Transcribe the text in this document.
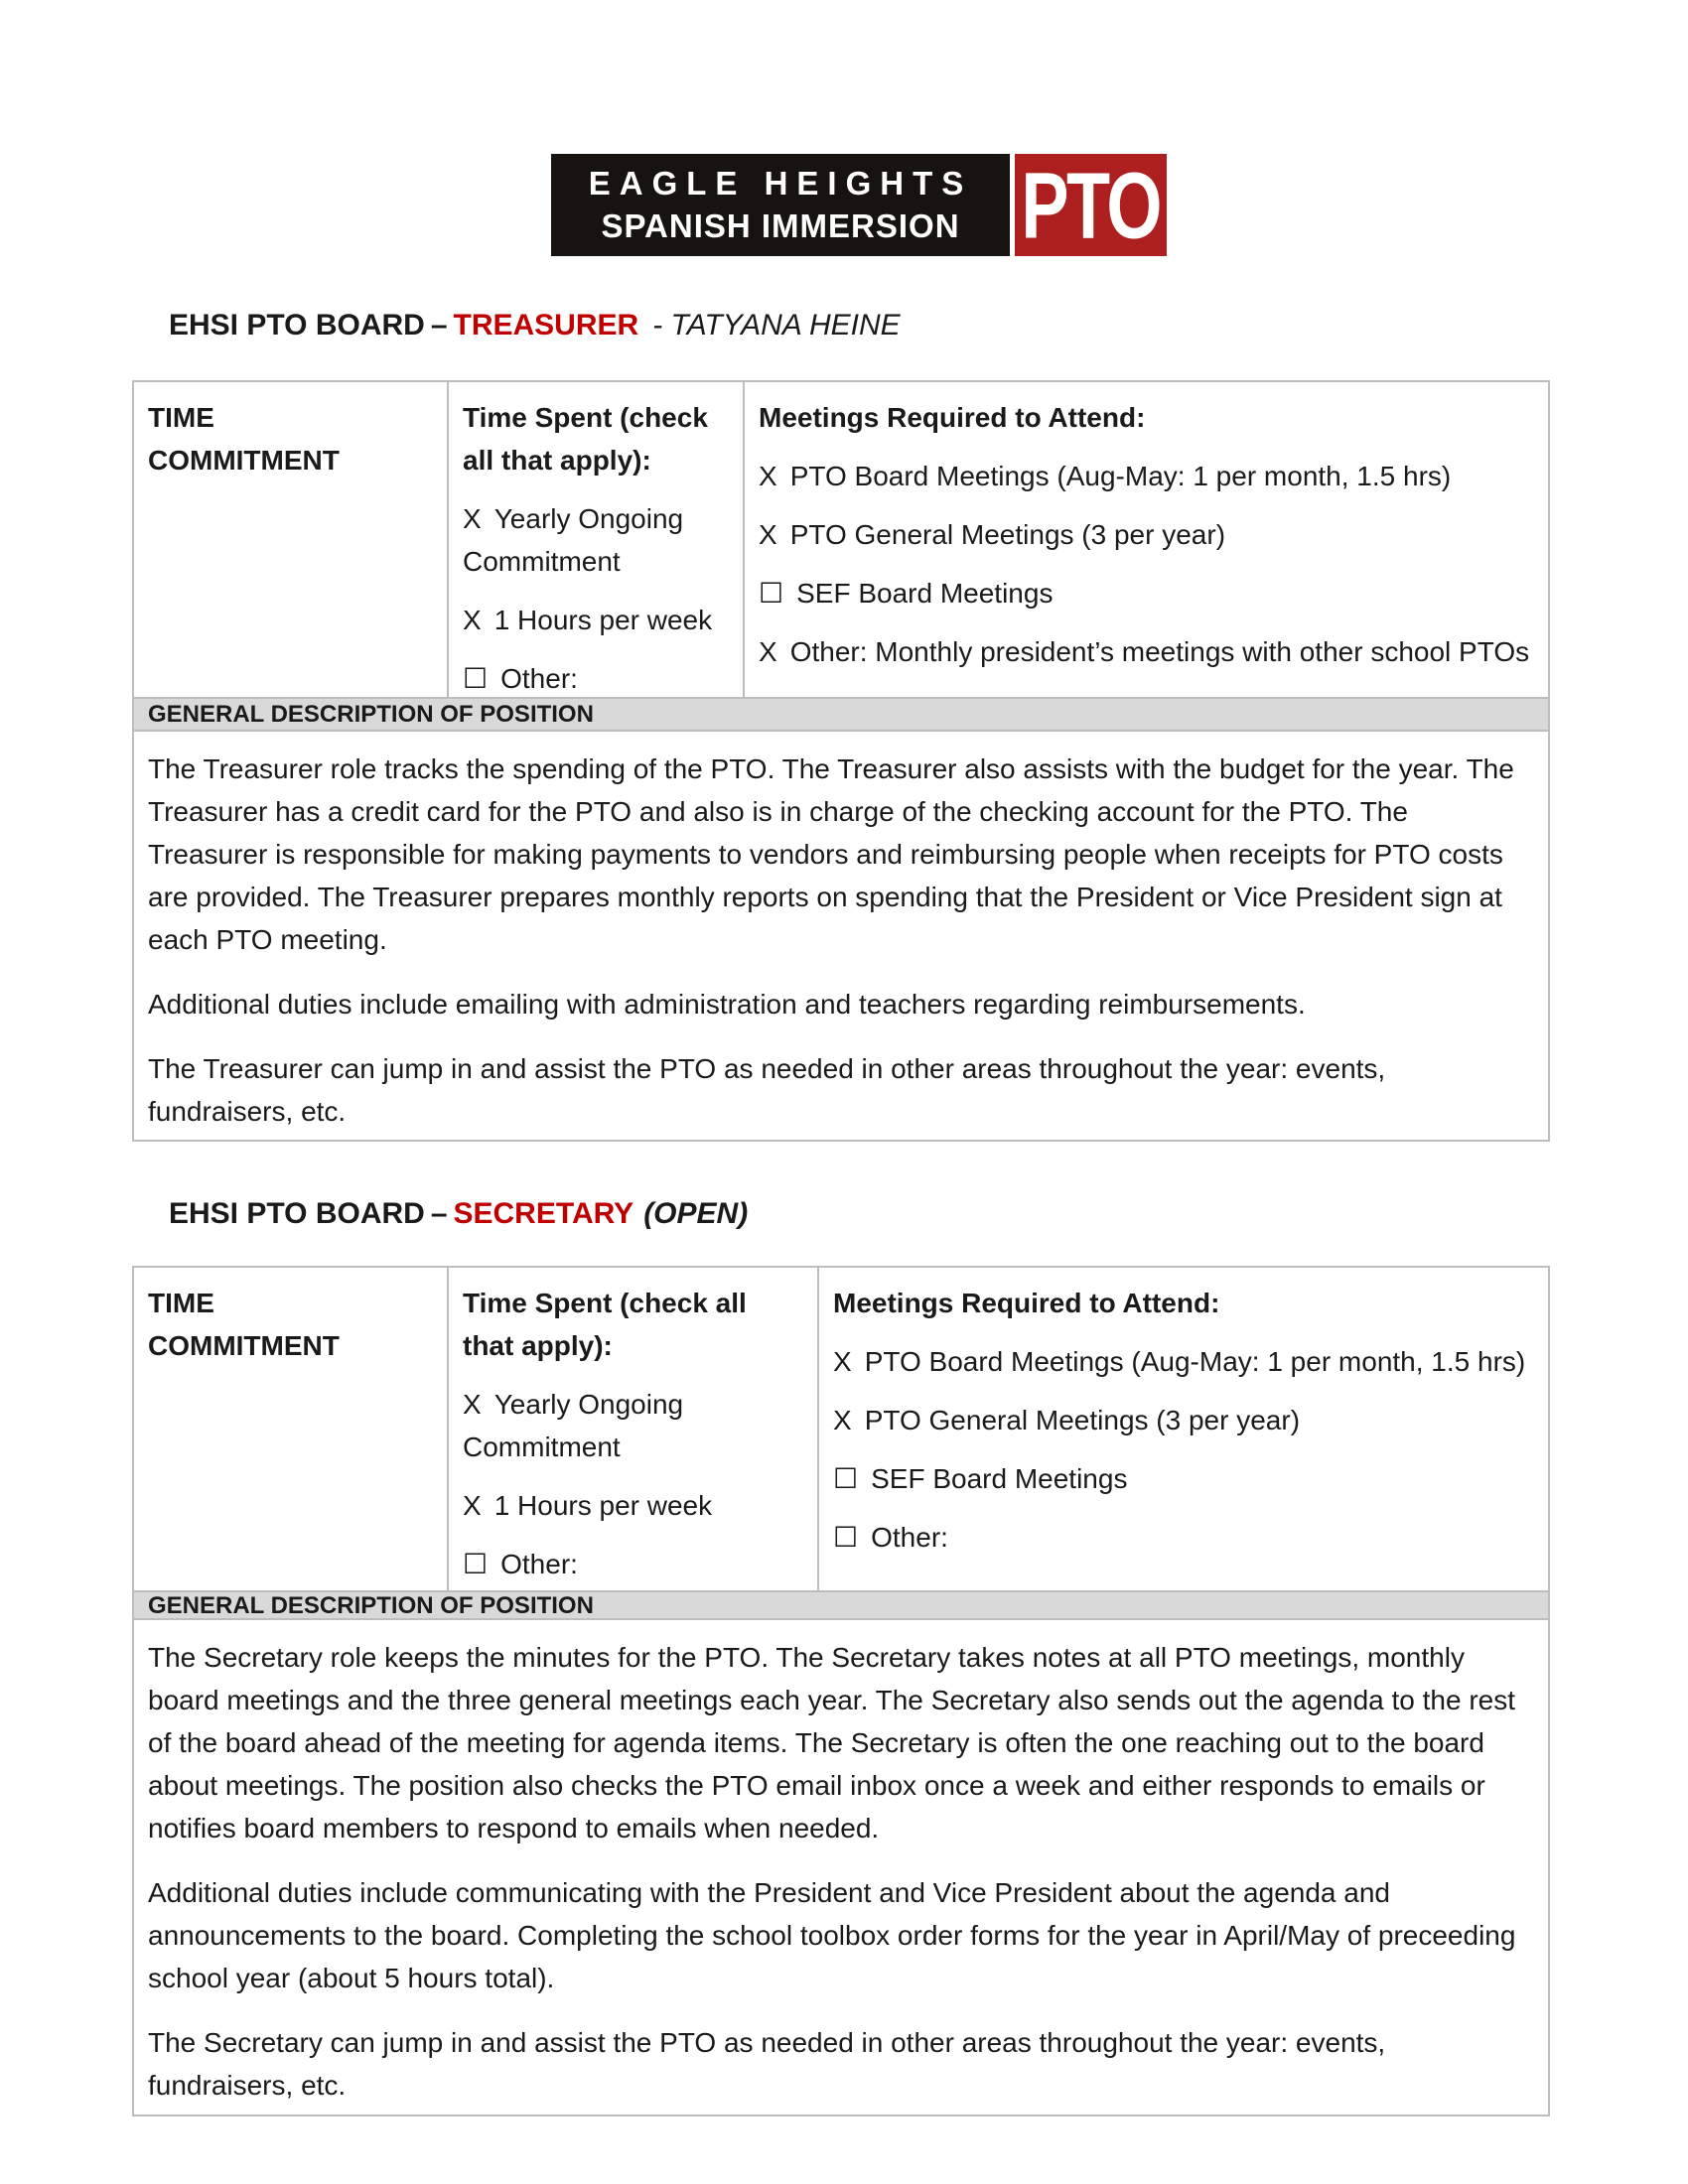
EAGLE HEIGHTS
SPANISH IMMERSION PTO
EHSI PTO BOARD – TREASURER - TATYANA HEINE
TIME COMMITMENT
Time Spent (check all that apply):
X Yearly Ongoing Commitment
X 1 Hours per week
☐ Other:
Meetings Required to Attend:
X PTO Board Meetings (Aug-May: 1 per month, 1.5 hrs)
X PTO General Meetings (3 per year)
☐ SEF Board Meetings
X Other: Monthly president’s meetings with other school PTOs
GENERAL DESCRIPTION OF POSITION

The Treasurer role tracks the spending of the PTO. The Treasurer also assists with the budget for the year. The Treasurer has a credit card for the PTO and also is in charge of the checking account for the PTO. The Treasurer is responsible for making payments to vendors and reimbursing people when receipts for PTO costs are provided. The Treasurer prepares monthly reports on spending that the President or Vice President sign at each PTO meeting.

Additional duties include emailing with administration and teachers regarding reimbursements.

The Treasurer can jump in and assist the PTO as needed in other areas throughout the year: events, fundraisers, etc.

EHSI PTO BOARD – SECRETARY (OPEN)
TIME COMMITMENT
Time Spent (check all that apply):
X Yearly Ongoing Commitment
X 1 Hours per week
☐ Other:
Meetings Required to Attend:
X PTO Board Meetings (Aug-May: 1 per month, 1.5 hrs)
X PTO General Meetings (3 per year)
☐ SEF Board Meetings
☐ Other:
GENERAL DESCRIPTION OF POSITION

The Secretary role keeps the minutes for the PTO. The Secretary takes notes at all PTO meetings, monthly board meetings and the three general meetings each year. The Secretary also sends out the agenda to the rest of the board ahead of the meeting for agenda items. The Secretary is often the one reaching out to the board about meetings. The position also checks the PTO email inbox once a week and either responds to emails or notifies board members to respond to emails when needed.

Additional duties include communicating with the President and Vice President about the agenda and announcements to the board. Completing the school toolbox order forms for the year in April/May of preceeding school year (about 5 hours total).

The Secretary can jump in and assist the PTO as needed in other areas throughout the year: events, fundraisers, etc.
